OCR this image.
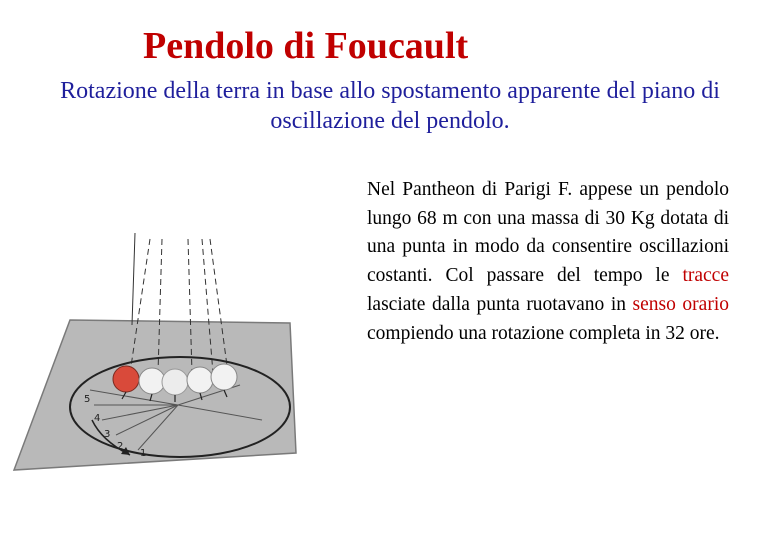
Pendolo di Foucault

Rotazione della terra in base allo spostamento apparente del piano di oscillazione del pendolo.

Nel Pantheon di Parigi F. appese un pendolo lungo 68 m con una massa di 30 Kg dotata di una punta in modo da consentire oscillazioni costanti. Col passare del tempo le tracce lasciate dalla punta ruotavano in senso orario compiendo una rotazione completa in 32 ore.

5
4
3
2
1
